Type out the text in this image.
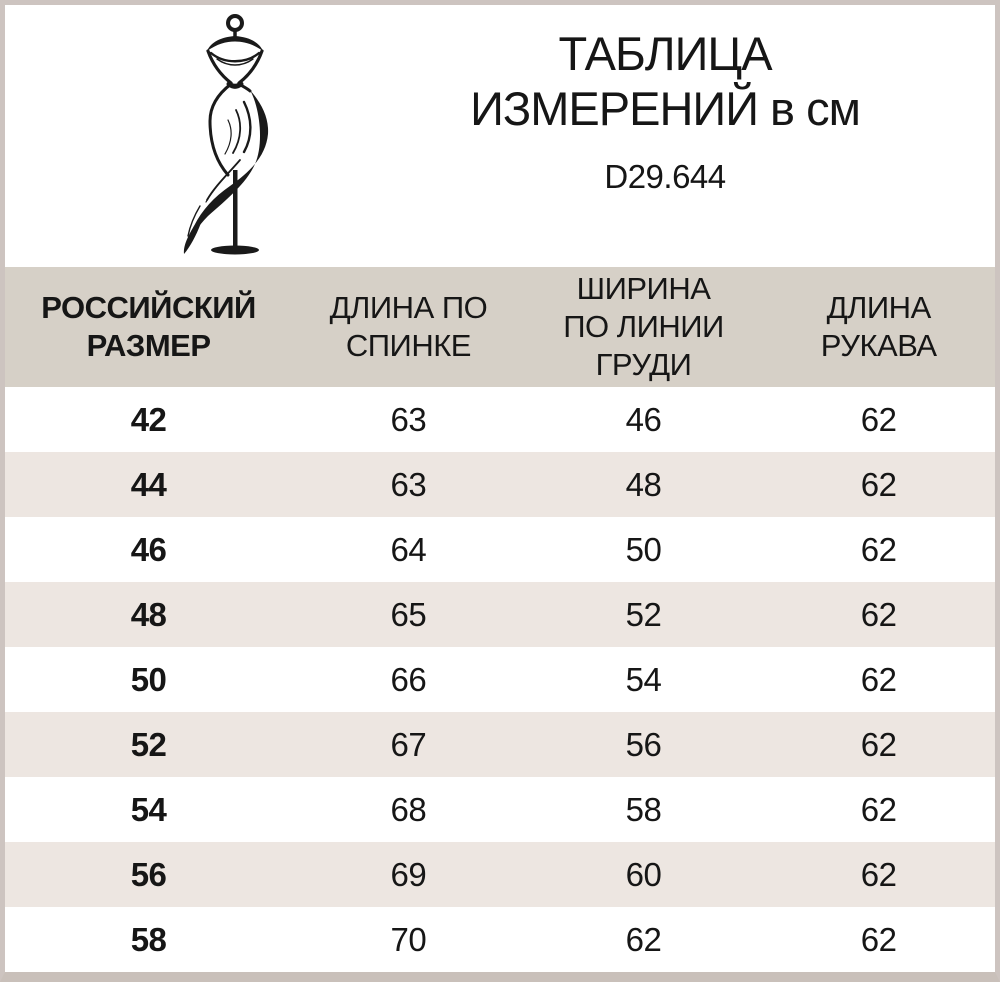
ТАБЛИЦА
ИЗМЕРЕНИЙ в см
D29.644
РОССИЙСКИЙ РАЗМЕР	ДЛИНА ПО СПИНКЕ	ШИРИНА ПО ЛИНИИ ГРУДИ	ДЛИНА РУКАВА
42	63	46	62
44	63	48	62
46	64	50	62
48	65	52	62
50	66	54	62
52	67	56	62
54	68	58	62
56	69	60	62
58	70	62	62
